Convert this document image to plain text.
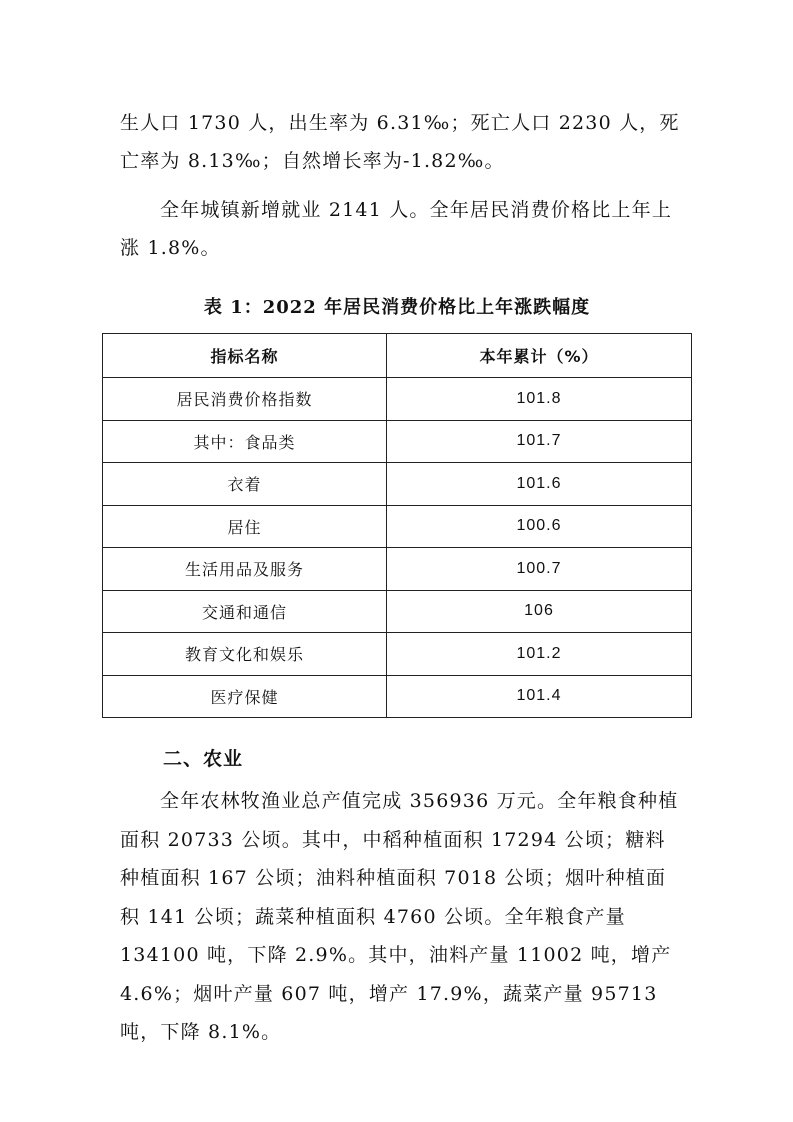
生人口 1730 人，出生率为 6.31‰；死亡人口 2230 人，死亡率为 8.13‰；自然增长率为-1.82‰。

全年城镇新增就业 2141 人。全年居民消费价格比上年上涨 1.8%。

表 1：2022 年居民消费价格比上年涨跌幅度
指标名称	本年累计（%）
居民消费价格指数	101.8
其中：食品类	101.7
衣着	101.6
居住	100.6
生活用品及服务	100.7
交通和通信	106
教育文化和娱乐	101.2
医疗保健	101.4
二、农业

全年农林牧渔业总产值完成 356936 万元。全年粮食种植面积 20733 公顷。其中，中稻种植面积 17294 公顷；糖料种植面积 167 公顷；油料种植面积 7018 公顷；烟叶种植面积 141 公顷；蔬菜种植面积 4760 公顷。全年粮食产量 134100 吨，下降 2.9%。其中，油料产量 11002 吨，增产 4.6%；烟叶产量 607 吨，增产 17.9%，蔬菜产量 95713 吨，下降 8.1%。
